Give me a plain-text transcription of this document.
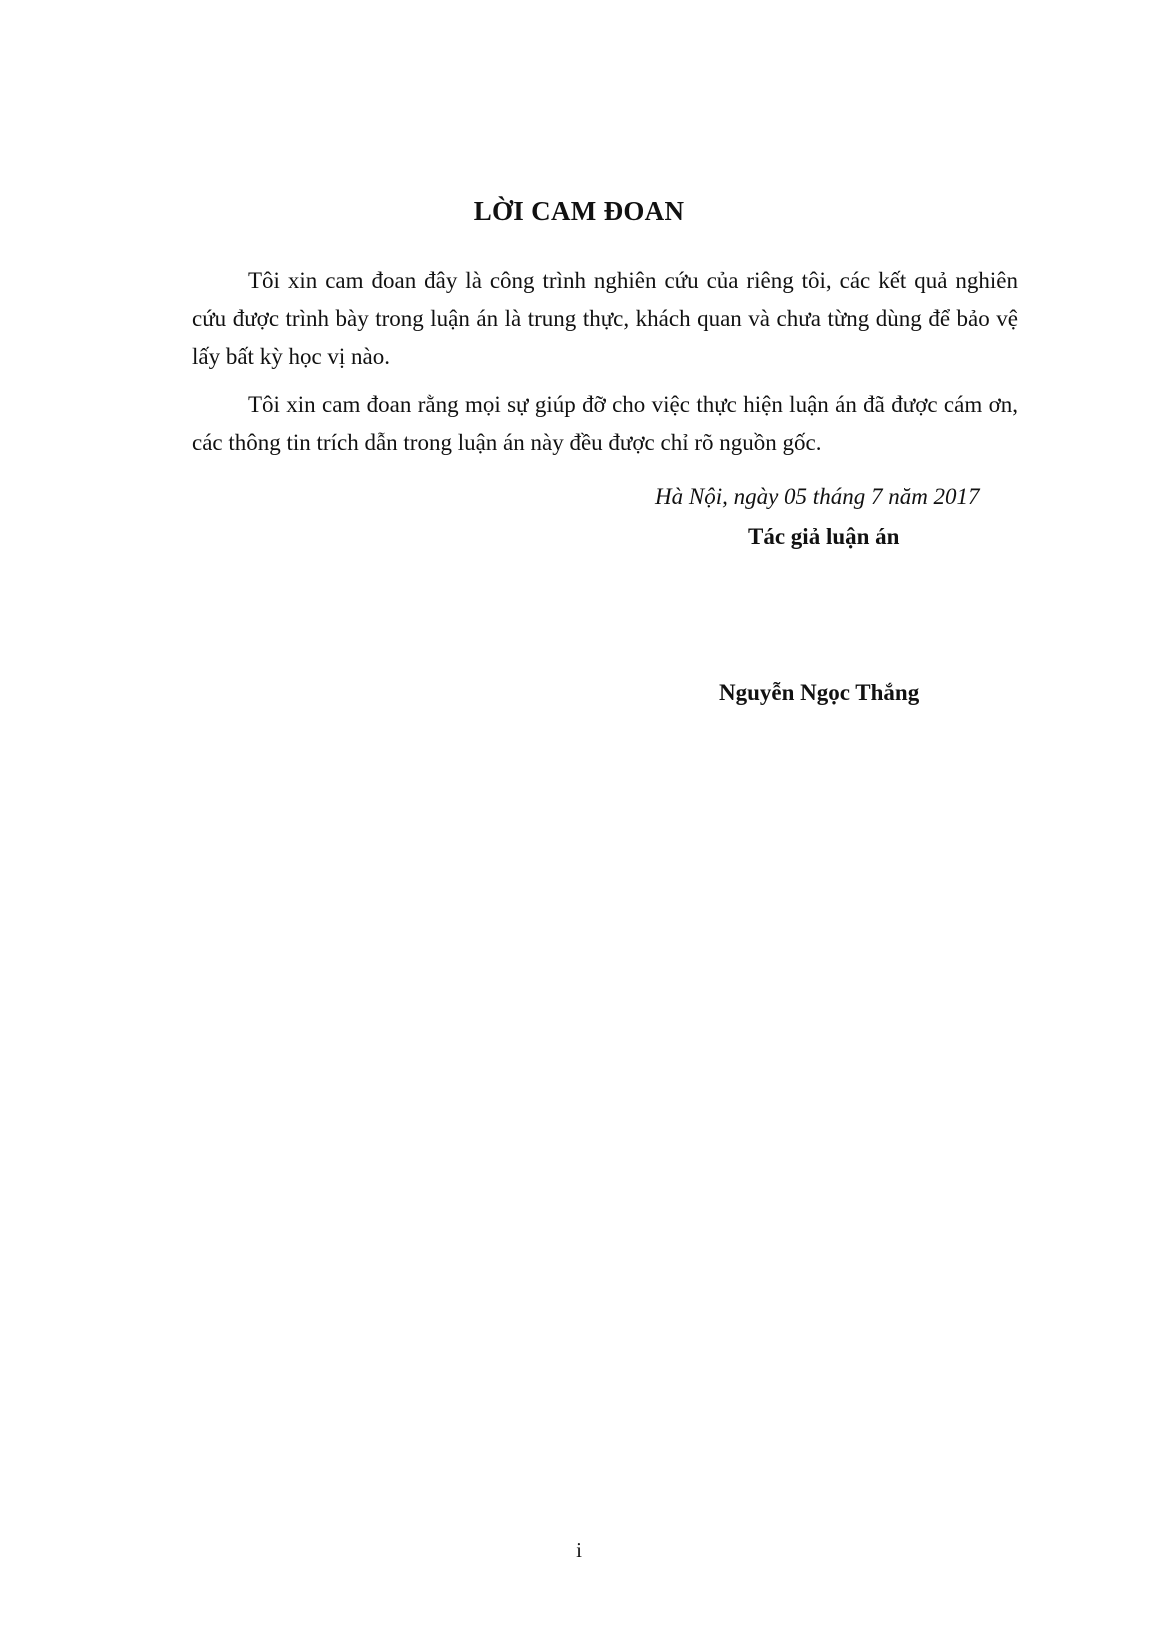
LỜI CAM ĐOAN

Tôi xin cam đoan đây là công trình nghiên cứu của riêng tôi, các kết quả nghiên cứu được trình bày trong luận án là trung thực, khách quan và chưa từng dùng để bảo vệ lấy bất kỳ học vị nào.

Tôi xin cam đoan rằng mọi sự giúp đỡ cho việc thực hiện luận án đã được cám ơn, các thông tin trích dẫn trong luận án này đều được chỉ rõ nguồn gốc.

Hà Nội, ngày 05 tháng 7 năm 2017
Tác giả luận án
Nguyễn Ngọc Thắng
i
